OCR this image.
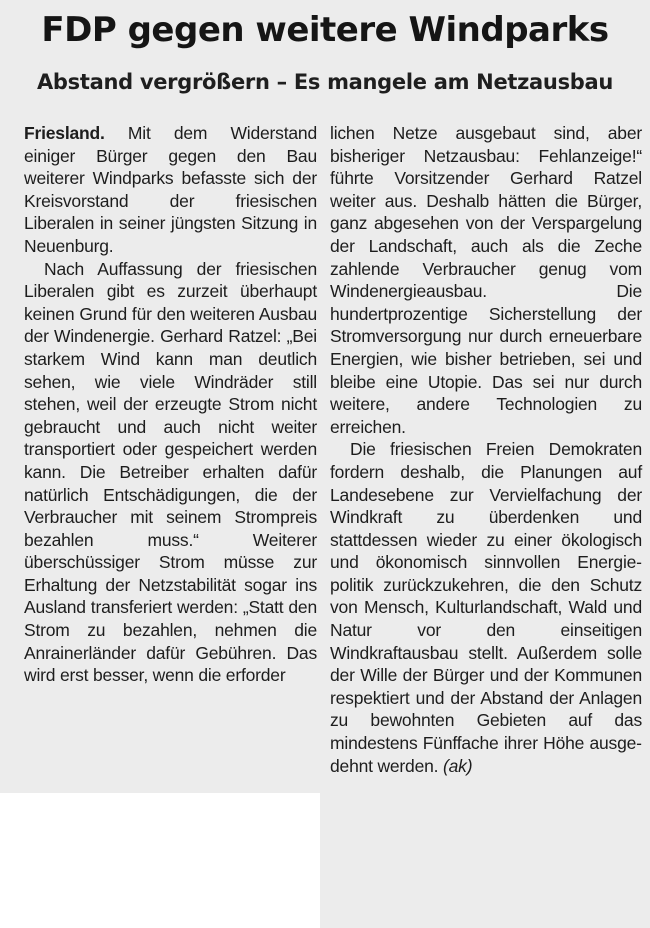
FDP gegen weitere Windparks
Abstand vergrößern – Es mangele am Netzausbau

Friesland. Mit dem Widerstand einiger Bürger gegen den Bau weiterer Windparks befasste sich der Kreisvorstand der friesischen Liberalen in seiner jüngsten Sitzung in Neuenburg.

Nach Auffassung der friesischen Liberalen gibt es zurzeit überhaupt keinen Grund für den weiteren Ausbau der Windenergie. Gerhard Ratzel: „Bei starkem Wind kann man deutlich sehen, wie viele Windräder still stehen, weil der erzeugte Strom nicht gebraucht und auch nicht weiter transportiert oder gespeichert werden kann. Die Betreiber erhalten dafür natürlich Entschädigungen, die der Verbraucher mit seinem Strompreis bezahlen muss.“ Weiterer überschüssiger Strom müsse zur Erhaltung der Netzstabilität sogar ins Ausland transferiert werden: „Statt den Strom zu bezahlen, nehmen die Anrainerländer dafür Gebühren. Das wird erst besser, wenn die erforder

lichen Netze ausgebaut sind, aber bisheriger Netzausbau: Fehlanzeige!“ führte Vorsitzender Gerhard Ratzel weiter aus. Deshalb hätten die Bürger, ganz abgesehen von der Verspargelung der Landschaft, auch als die Zeche zahlende Verbraucher genug vom Windenergieausbau. Die hundertprozentige Sicherstellung der Stromversorgung nur durch erneuerbare Energien, wie bisher betrieben, sei und bleibe eine Utopie. Das sei nur durch weitere, andere Technologien zu erreichen.

Die friesischen Freien Demokraten fordern deshalb, die Planungen auf Landesebene zur Vervielfachung der Windkraft zu überdenken und stattdessen wieder zu einer ökologisch und ökonomisch sinnvollen Energiepolitik zurückzukehren, die den Schutz von Mensch, Kulturlandschaft, Wald und Natur vor den einseitigen Windkraftausbau stellt. Außerdem solle der Wille der Bürger und der Kommunen respektiert und der Abstand der Anlagen zu bewohnten Gebieten auf das mindestens Fünffache ihrer Höhe ausgedehnt werden. (ak)
